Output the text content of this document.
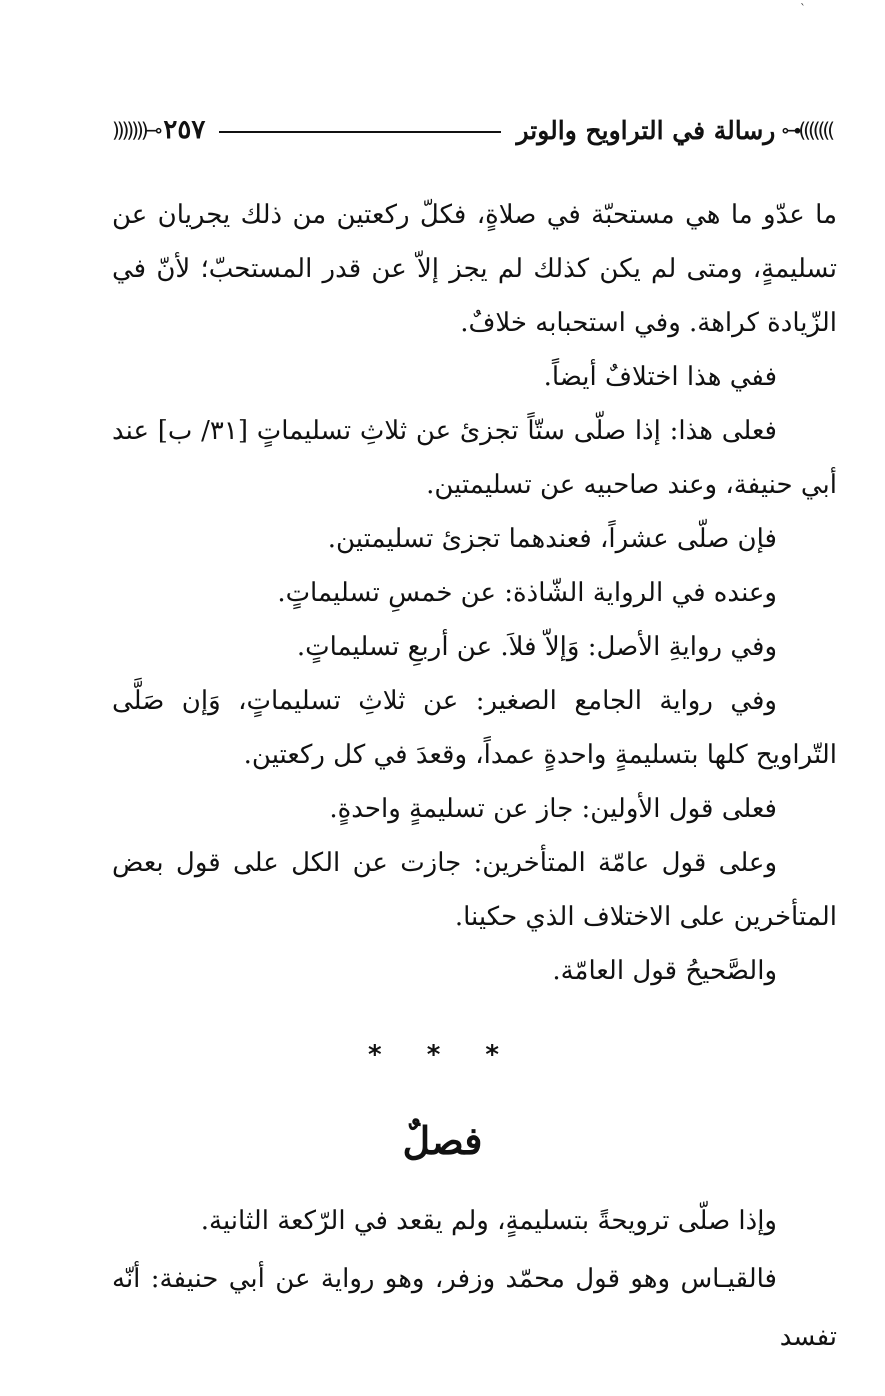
ˋ
)))))))⊷
رسالة في التراويح والوتر
٢٥٧
⊸(((((((

ما عدّو ما هي مستحبّة في صلاةٍ، فكلّ ركعتين من ذلك يجريان عن تسليمةٍ، ومتى لم يكن كذلك لم يجز إلاّ عن قدر المستحبّ؛ لأنّ في الزّيادة كراهة. وفي استحبابه خلافٌ.

ففي هذا اختلافٌ أيضاً.

فعلى هذا: إذا صلّى ستّاً تجزئ عن ثلاثِ تسليماتٍ [٣١/ ب] عند أبي حنيفة، وعند صاحبيه عن تسليمتين.

فإن صلّى عشراً، فعندهما تجزئ تسليمتين.

وعنده في الرواية الشّاذة: عن خمسِ تسليماتٍ.

وفي روايةِ الأصل: وَإلاّ فلاَ. عن أربعِ تسليماتٍ.

وفي رواية الجامع الصغير: عن ثلاثِ تسليماتٍ، وَإن صَلَّى التّراويح كلها بتسليمةٍ واحدةٍ عمداً، وقعدَ في كل ركعتين.

فعلى قول الأولين: جاز عن تسليمةٍ واحدةٍ.

وعلى قول عامّة المتأخرين: جازت عن الكل على قول بعض المتأخرين على الاختلاف الذي حكينا.

والصَّحيحُ قول العامّة.

* * *
فصلٌ

وإذا صلّى ترويحةً بتسليمةٍ، ولم يقعد في الرّكعة الثانية.

فالقيـاس وهو قول محمّد وزفر، وهو رواية عن أبي حنيفة: أنّه تفسد
